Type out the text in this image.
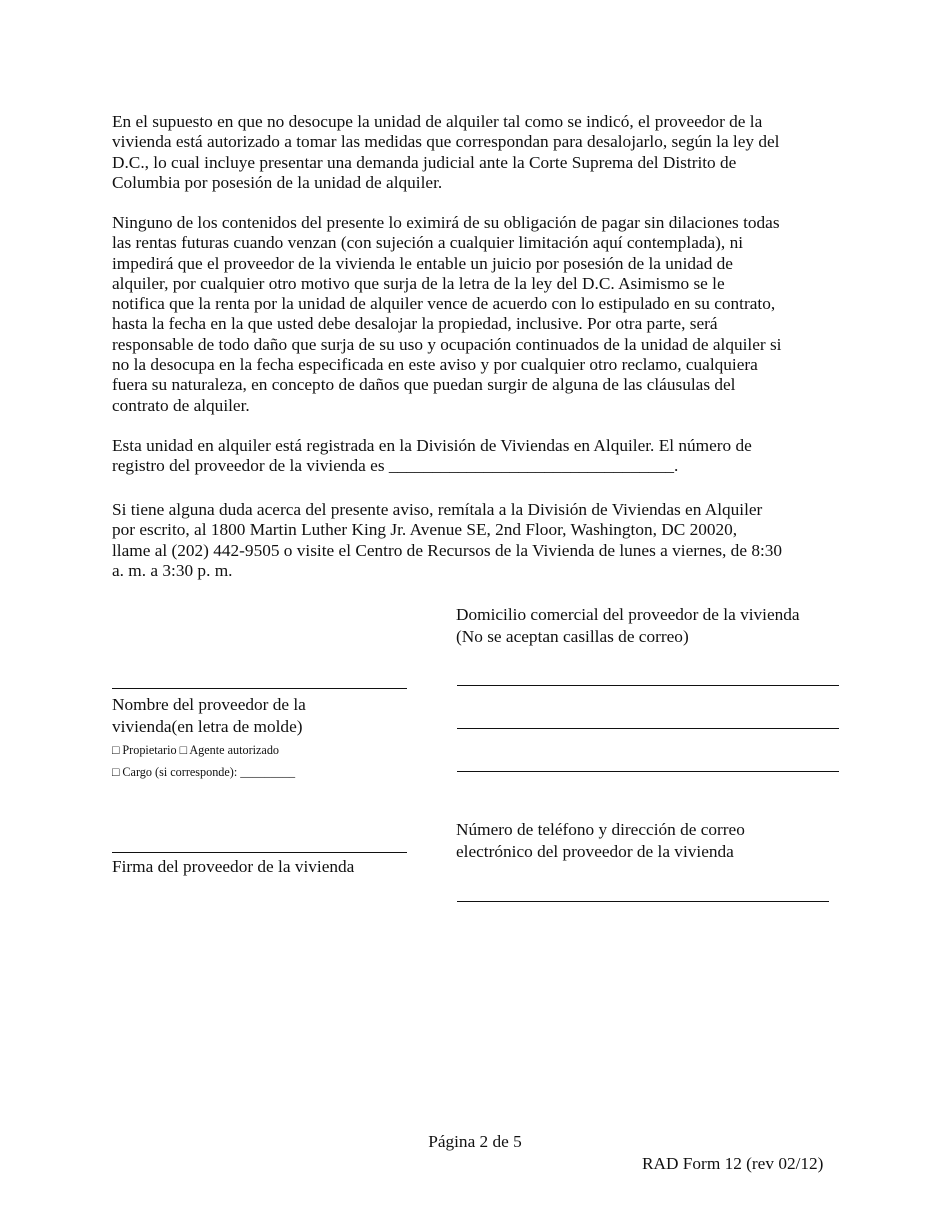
En el supuesto en que no desocupe la unidad de alquiler tal como se indicó, el proveedor de la
vivienda está autorizado a tomar las medidas que correspondan para desalojarlo, según la ley del
D.C., lo cual incluye presentar una demanda judicial ante la Corte Suprema del Distrito de
Columbia por posesión de la unidad de alquiler.

Ninguno de los contenidos del presente lo eximirá de su obligación de pagar sin dilaciones todas
las rentas futuras cuando venzan (con sujeción a cualquier limitación aquí contemplada), ni
impedirá que el proveedor de la vivienda le entable un juicio por posesión de la unidad de
alquiler, por cualquier otro motivo que surja de la letra de la ley del D.C. Asimismo se le
notifica que la renta por la unidad de alquiler vence de acuerdo con lo estipulado en su contrato,
hasta la fecha en la que usted debe desalojar la propiedad, inclusive. Por otra parte, será
responsable de todo daño que surja de su uso y ocupación continuados de la unidad de alquiler si
no la desocupa en la fecha especificada en este aviso y por cualquier otro reclamo, cualquiera
fuera su naturaleza, en concepto de daños que puedan surgir de alguna de las cláusulas del
contrato de alquiler.

Esta unidad en alquiler está registrada en la División de Viviendas en Alquiler. El número de
registro del proveedor de la vivienda es _________________________________.

Si tiene alguna duda acerca del presente aviso, remítala a la División de Viviendas en Alquiler
por escrito, al 1800 Martin Luther King Jr. Avenue SE, 2nd Floor, Washington, DC 20020,
llame al (202) 442-9505 o visite el Centro de Recursos de la Vivienda de lunes a viernes, de 8:30
a. m. a 3:30 p. m.

Domicilio comercial del proveedor de la vivienda
(No se aceptan casillas de correo)
Nombre del proveedor de la
vivienda(en letra de molde)
□ Propietario □ Agente autorizado
□ Cargo (si corresponde): _________
Firma del proveedor de la vivienda
Número de teléfono y dirección de correo
electrónico del proveedor de la vivienda
Página 2 de 5
RAD Form 12 (rev 02/12)
